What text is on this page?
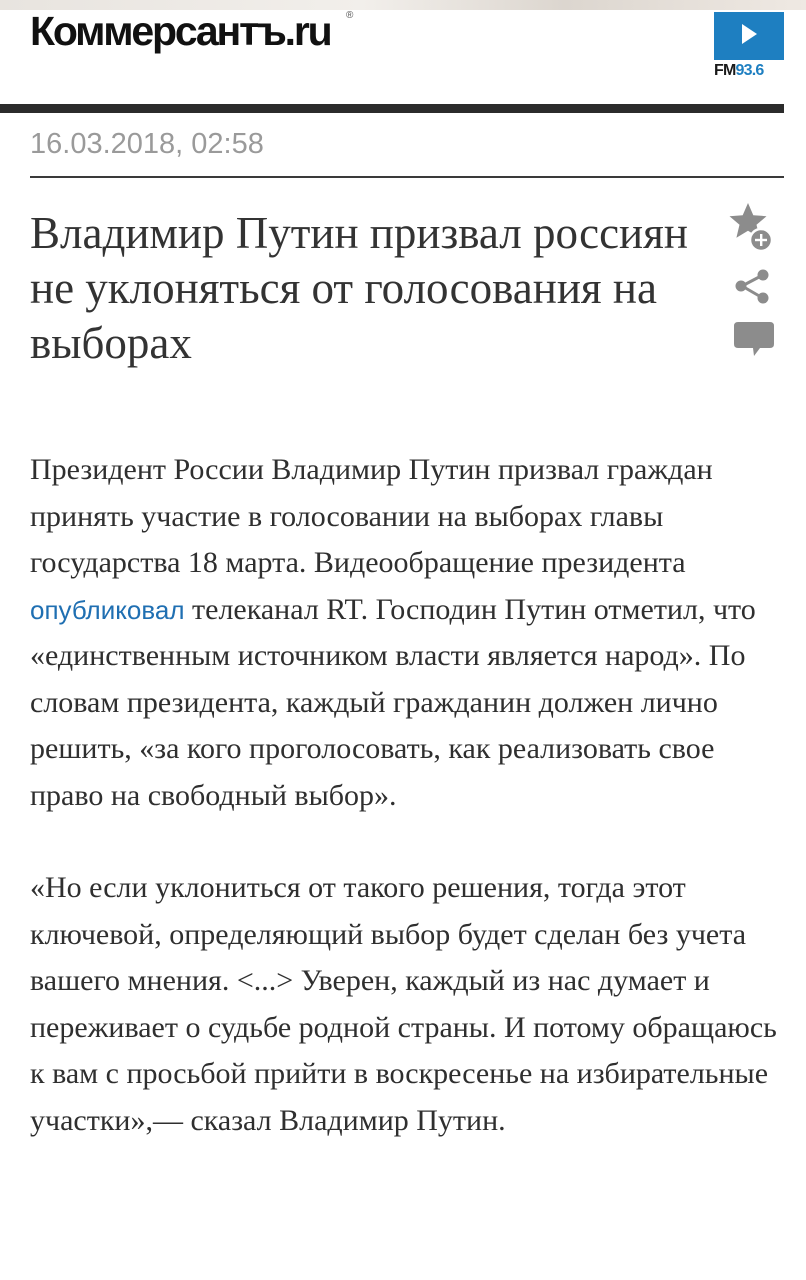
Коммерсантъ.ru ®
FM93.6
16.03.2018, 02:58
Владимир Путин призвал россиян не уклоняться от голосования на выборах

Президент России Владимир Путин призвал граждан принять участие в голосовании на выборах главы государства 18 марта. Видеообращение президента опубликовал телеканал RT. Господин Путин отметил, что «единственным источником власти является народ». По словам президента, каждый гражданин должен лично решить, «за кого проголосовать, как реализовать свое право на свободный выбор».

«Но если уклониться от такого решения, тогда этот ключевой, определяющий выбор будет сделан без учета вашего мнения. <...> Уверен, каждый из нас думает и переживает о судьбе родной страны. И потому обращаюсь к вам с просьбой прийти в воскресенье на избирательные участки»,— сказал Владимир Путин.
